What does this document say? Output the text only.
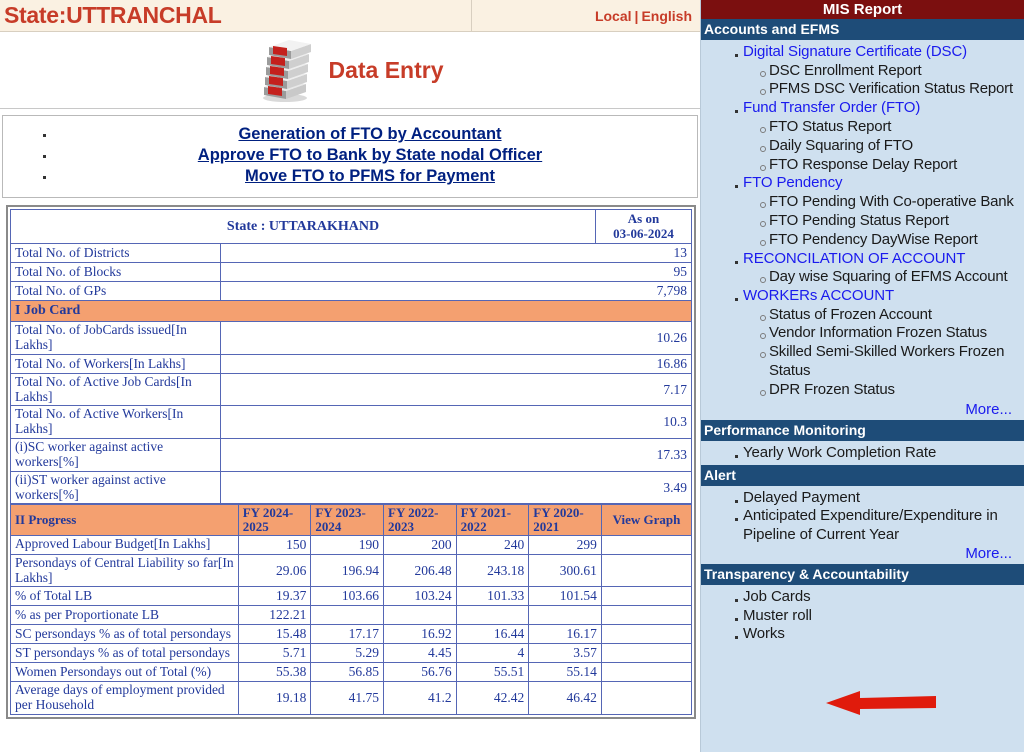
State:UTTRANCHAL	Local | English
Data Entry
Generation of FTO by Accountant
Approve FTO to Bank by State nodal Officer
Move FTO to PFMS for Payment
State : UTTARAKHAND		As on
03-06-2024
Total No. of Districts	13	
Total No. of Blocks	95	
Total No. of GPs	7,798	
I Job Card		
Total No. of JobCards issued[In Lakhs]	10.26	
Total No. of Workers[In Lakhs]	16.86	
Total No. of Active Job Cards[In Lakhs]	7.17	
Total No. of Active Workers[In Lakhs]	10.3	
(i)SC worker against active workers[%]	17.33	
(ii)ST worker against active workers[%]	3.49	
II Progress	FY 2024-2025	FY 2023-2024	FY 2022-2023	FY 2021-2022	FY 2020-2021	View Graph
Approved Labour Budget[In Lakhs]	150	190	200	240	299	
Persondays of Central Liability so far[In Lakhs]	29.06	196.94	206.48	243.18	300.61	
% of Total LB	19.37	103.66	103.24	101.33	101.54	
% as per Proportionate LB	122.21					
SC persondays % as of total persondays	15.48	17.17	16.92	16.44	16.17	
ST persondays % as of total persondays	5.71	5.29	4.45	4	3.57	
Women Persondays out of Total (%)	55.38	56.85	56.76	55.51	55.14	
Average days of employment provided per Household	19.18	41.75	41.2	42.42	46.42	
MIS Report
Accounts and EFMS
Digital Signature Certificate (DSC)
DSC Enrollment Report
PFMS DSC Verification Status Report
Fund Transfer Order (FTO)
FTO Status Report
Daily Squaring of FTO
FTO Response Delay Report
FTO Pendency
FTO Pending With Co-operative Bank
FTO Pending Status Report
FTO Pendency DayWise Report
RECONCILATION OF ACCOUNT
Day wise Squaring of EFMS Account
WORKERs ACCOUNT
Status of Frozen Account
Vendor Information Frozen Status
Skilled Semi-Skilled Workers Frozen Status
DPR Frozen Status
More...
Performance Monitoring
Yearly Work Completion Rate
Alert
Delayed Payment
Anticipated Expenditure/Expenditure in Pipeline of Current Year
More...
Transparency & Accountability
Job Cards
Muster roll
Works
